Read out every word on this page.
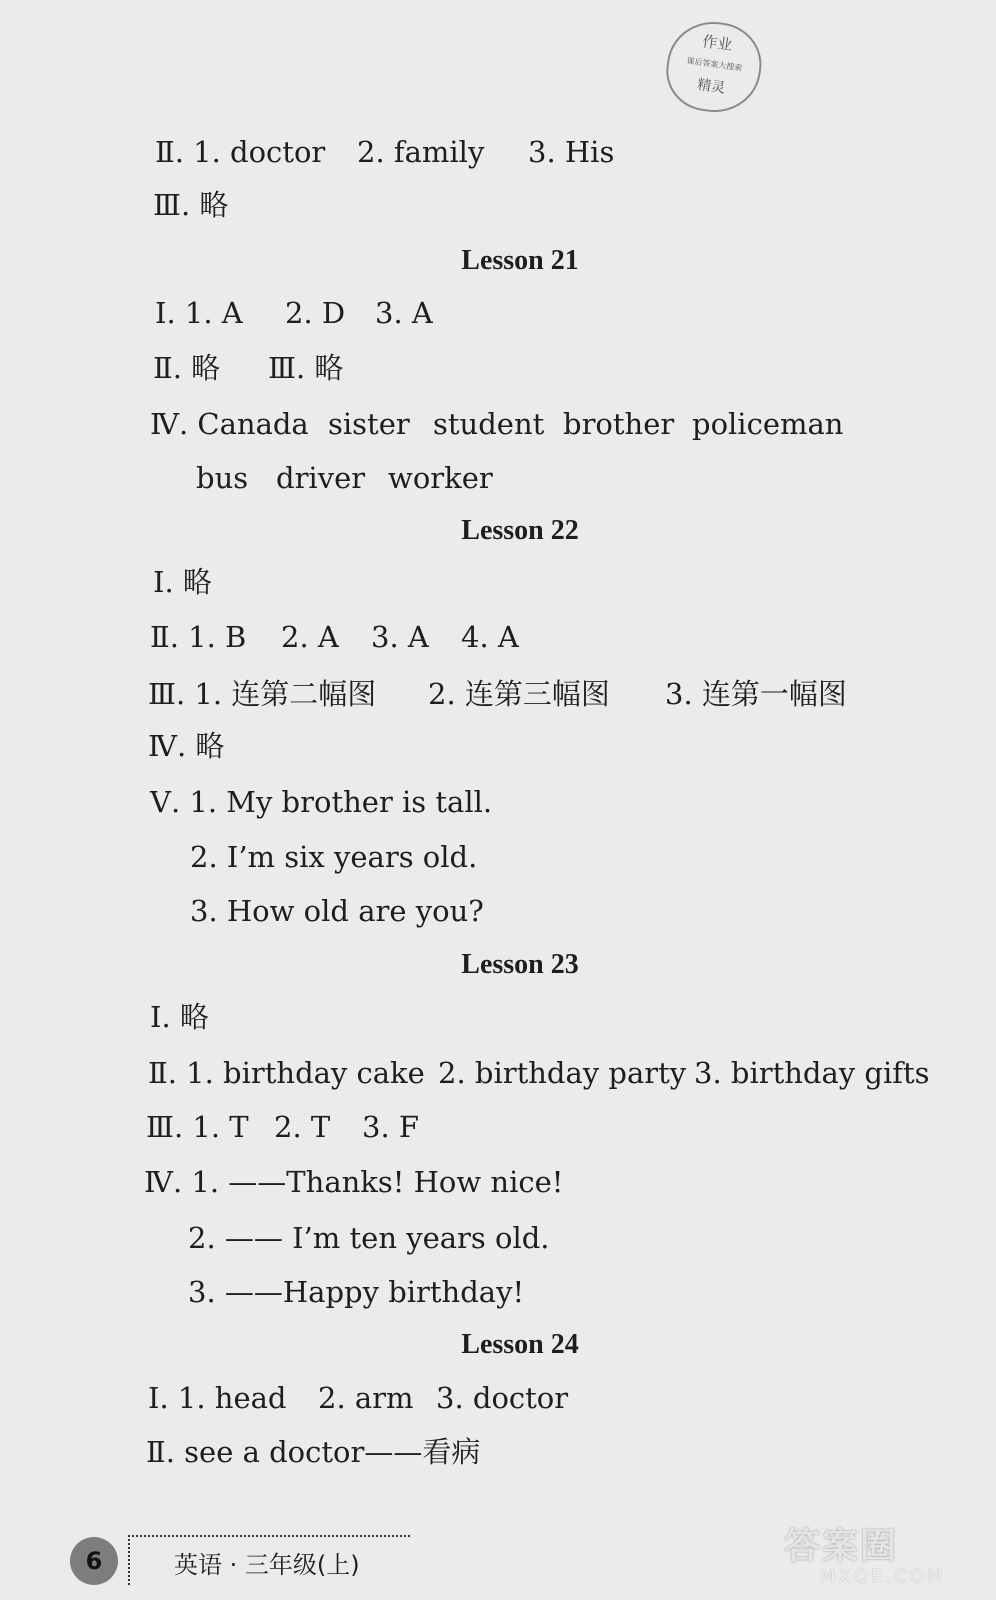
作业
课后答案大搜索
精灵
Ⅱ. 1. doctor 2. family 3. His
Ⅲ. 略
Lesson 21
Ⅰ. 1. A 2. D 3. A
Ⅱ. 略 Ⅲ. 略
Ⅳ. Canada sister student brother policeman
bus driver worker
Lesson 22
Ⅰ. 略
Ⅱ. 1. B 2. A 3. A 4. A
Ⅲ. 1. 连第二幅图 2. 连第三幅图 3. 连第一幅图
Ⅳ. 略
Ⅴ. 1. My brother is tall.
2. I’m six years old.
3. How old are you?
Lesson 23
Ⅰ. 略
Ⅱ. 1. birthday cake 2. birthday party 3. birthday gifts
Ⅲ. 1. T 2. T 3. F
Ⅳ. 1. ——Thanks! How nice!
2. —— I’m ten years old.
3. ——Happy birthday!
Lesson 24
Ⅰ. 1. head 2. arm 3. doctor
Ⅱ. see a doctor——看病
6	英语 · 三年级(上)	答案圈
MXQE.COM
